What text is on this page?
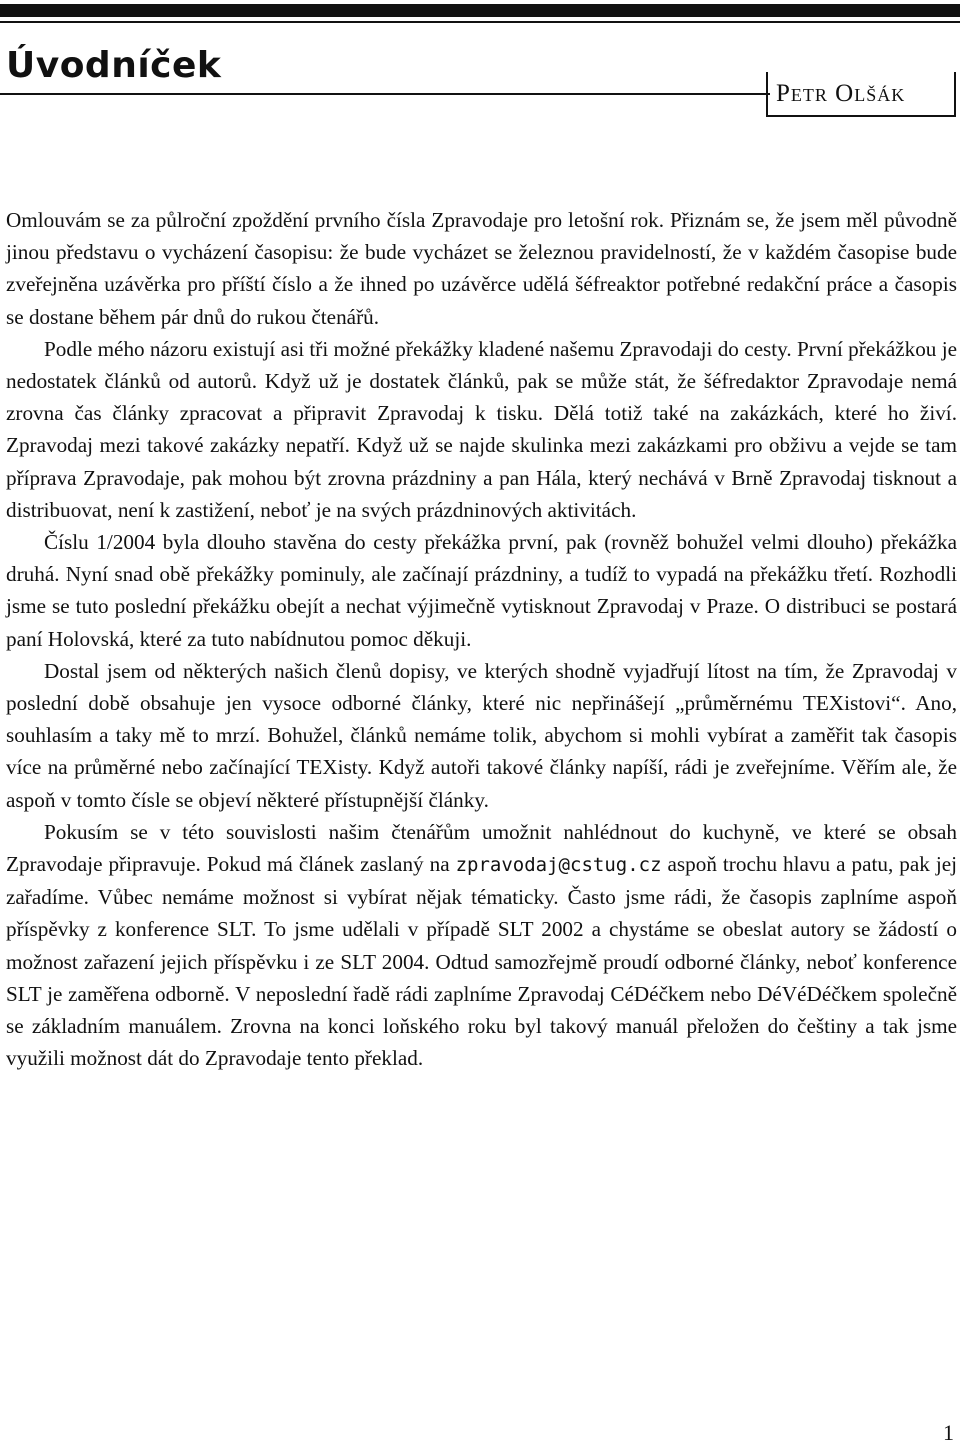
Úvodníček
Petr Olšák

Omlouvám se za půlroční zpoždění prvního čísla Zpravodaje pro letošní rok. Přiznám se, že jsem měl původně jinou představu o vycházení časopisu: že bude vycházet se železnou pravidelností, že v každém časopise bude zveřejněna uzávěrka pro příští číslo a že ihned po uzávěrce udělá šéfreaktor potřebné redakční práce a časopis se dostane během pár dnů do rukou čtenářů.

Podle mého názoru existují asi tři možné překážky kladené našemu Zpravodaji do cesty. První překážkou je nedostatek článků od autorů. Když už je dostatek článků, pak se může stát, že šéfredaktor Zpravodaje nemá zrovna čas články zpracovat a připravit Zpravodaj k tisku. Dělá totiž také na zakázkách, které ho živí. Zpravodaj mezi takové zakázky nepatří. Když už se najde skulinka mezi zakázkami pro obživu a vejde se tam příprava Zpravodaje, pak mohou být zrovna prázdniny a pan Hála, který nechává v Brně Zpravodaj tisknout a distribuovat, není k zastižení, neboť je na svých prázdninových aktivitách.

Číslu 1/2004 byla dlouho stavěna do cesty překážka první, pak (rovněž bohužel velmi dlouho) překážka druhá. Nyní snad obě překážky pominuly, ale začínají prázdniny, a tudíž to vypadá na překážku třetí. Rozhodli jsme se tuto poslední překážku obejít a nechat výjimečně vytisknout Zpravodaj v Praze. O distribuci se postará paní Holovská, které za tuto nabídnutou pomoc děkuji.

Dostal jsem od některých našich členů dopisy, ve kterých shodně vyjadřují lítost na tím, že Zpravodaj v poslední době obsahuje jen vysoce odborné články, které nic nepřinášejí „průměrnému TEXistovi“. Ano, souhlasím a taky mě to mrzí. Bohužel, článků nemáme tolik, abychom si mohli vybírat a zaměřit tak časopis více na průměrné nebo začínající TEXisty. Když autoři takové články napíší, rádi je zveřejníme. Věřím ale, že aspoň v tomto čísle se objeví některé přístupnější články.

Pokusím se v této souvislosti našim čtenářům umožnit nahlédnout do kuchyně, ve které se obsah Zpravodaje připravuje. Pokud má článek zaslaný na zpravodaj@cstug.cz aspoň trochu hlavu a patu, pak jej zařadíme. Vůbec nemáme možnost si vybírat nějak tématicky. Často jsme rádi, že časopis zaplníme aspoň příspěvky z konference SLT. To jsme udělali v případě SLT 2002 a chystáme se obeslat autory se žádostí o možnost zařazení jejich příspěvku i ze SLT 2004. Odtud samozřejmě proudí odborné články, neboť konference SLT je zaměřena odborně. V neposlední řadě rádi zaplníme Zpravodaj CéDéčkem nebo DéVéDéčkem společně se základním manuálem. Zrovna na konci loňského roku byl takový manuál přeložen do češtiny a tak jsme využili možnost dát do Zpravodaje tento překlad.

1
